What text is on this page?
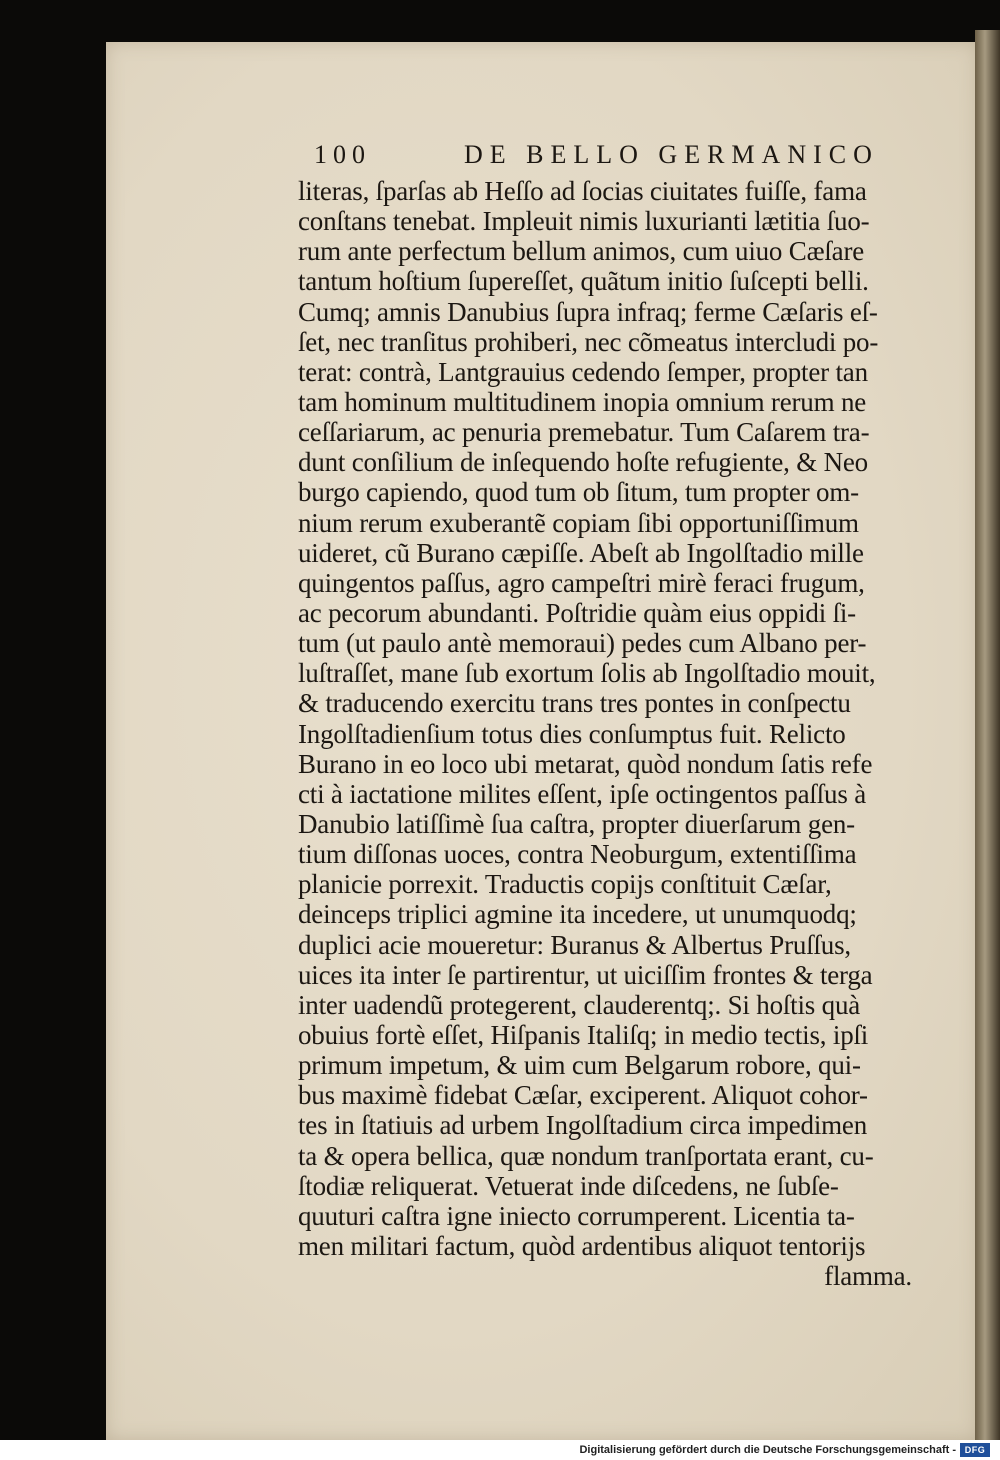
100	DE BELLO GERMANICO
literas, ſparſas ab Heſſo ad ſocias ciuitates fuiſſe, fama
conſtans tenebat. Impleuit nimis luxurianti lætitia ſuo-
rum ante perfectum bellum animos, cum uiuo Cæſare
tantum hoſtium ſupereſſet, quãtum initio ſuſcepti belli.
Cumq; amnis Danubius ſupra infraq; ferme Cæſaris eſ-
ſet, nec tranſitus prohiberi, nec cõmeatus intercludi po-
terat: contrà, Lantgrauius cedendo ſemper, propter tan
tam hominum multitudinem inopia omnium rerum ne
ceſſariarum, ac penuria premebatur. Tum Caſarem tra-
dunt conſilium de inſequendo hoſte refugiente, & Neo
burgo capiendo, quod tum ob ſitum, tum propter om-
nium rerum exuberantẽ copiam ſibi opportuniſſimum
uideret, cũ Burano cæpiſſe. Abeſt ab Ingolſtadio mille
quingentos paſſus, agro campeſtri mirè feraci frugum,
ac pecorum abundanti. Poſtridie quàm eius oppidi ſi-
tum (ut paulo antè memoraui) pedes cum Albano per-
luſtraſſet, mane ſub exortum ſolis ab Ingolſtadio mouit,
& traducendo exercitu trans tres pontes in conſpectu
Ingolſtadienſium totus dies conſumptus fuit. Relicto
Burano in eo loco ubi metarat, quòd nondum ſatis refe
cti à iactatione milites eſſent, ipſe octingentos paſſus à
Danubio latiſſimè ſua caſtra, propter diuerſarum gen-
tium diſſonas uoces, contra Neoburgum, extentiſſima
planicie porrexit. Traductis copijs conſtituit Cæſar,
deinceps triplici agmine ita incedere, ut unumquodq;
duplici acie moueretur: Buranus & Albertus Pruſſus,
uices ita inter ſe partirentur, ut uiciſſim frontes & terga
inter uadendũ protegerent, clauderentq;. Si hoſtis quà
obuius fortè eſſet, Hiſpanis Italiſq; in medio tectis, ipſi
primum impetum, & uim cum Belgarum robore, qui-
bus maximè fidebat Cæſar, exciperent. Aliquot cohor-
tes in ſtatiuis ad urbem Ingolſtadium circa impedimen
ta & opera bellica, quæ nondum tranſportata erant, cu-
ſtodiæ reliquerat. Vetuerat inde diſcedens, ne ſubſe-
quuturi caſtra igne iniecto corrumperent. Licentia ta-
men militari factum, quòd ardentibus aliquot tentorijs
flamma.
Digitalisierung gefördert durch die Deutsche Forschungsgemeinschaft - DFG
